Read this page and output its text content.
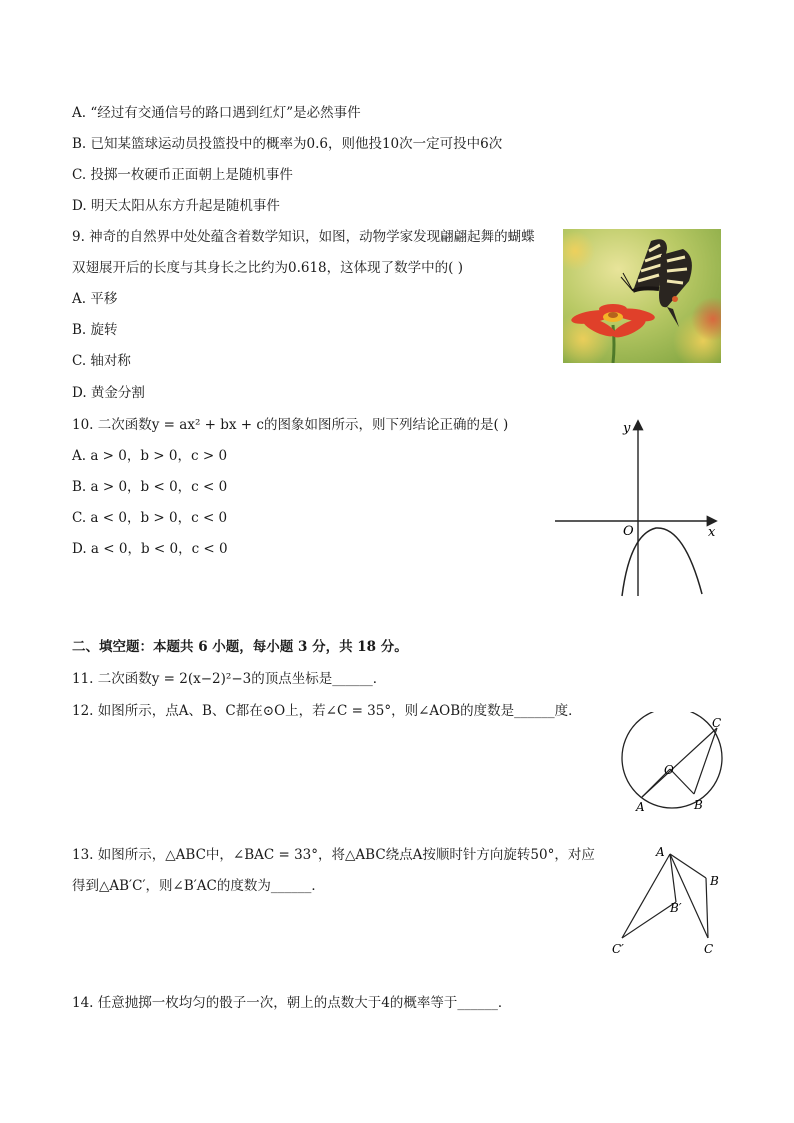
A. “经过有交通信号的路口遇到红灯”是必然事件
B. 已知某篮球运动员投篮投中的概率为0.6，则他投10次一定可投中6次
C. 投掷一枚硬币正面朝上是随机事件
D. 明天太阳从东方升起是随机事件
9. 神奇的自然界中处处蕴含着数学知识，如图，动物学家发现翩翩起舞的蝴蝶
双翅展开后的长度与其身长之比约为0.618，这体现了数学中的( )
A. 平移
B. 旋转
C. 轴对称
D. 黄金分割
10. 二次函数y = ax² + bx + c的图象如图所示，则下列结论正确的是( )
A. a > 0，b > 0，c > 0
B. a > 0，b < 0，c < 0
C. a < 0，b > 0，c < 0
D. a < 0，b < 0，c < 0
y
x
O
二、填空题：本题共 6 小题，每小题 3 分，共 18 分。
11. 二次函数y = 2(x−2)²−3的顶点坐标是______．
12. 如图所示，点A、B、C都在⊙O上，若∠C = 35°，则∠AOB的度数是______度．
C
O
A	B
13. 如图所示，△ABC中，∠BAC = 33°，将△ABC绕点A按顺时针方向旋转50°，对应
得到△AB′C′，则∠B′AC的度数为______．
A
B
B′
C
C′
14. 任意抛掷一枚均匀的骰子一次，朝上的点数大于4的概率等于______．
